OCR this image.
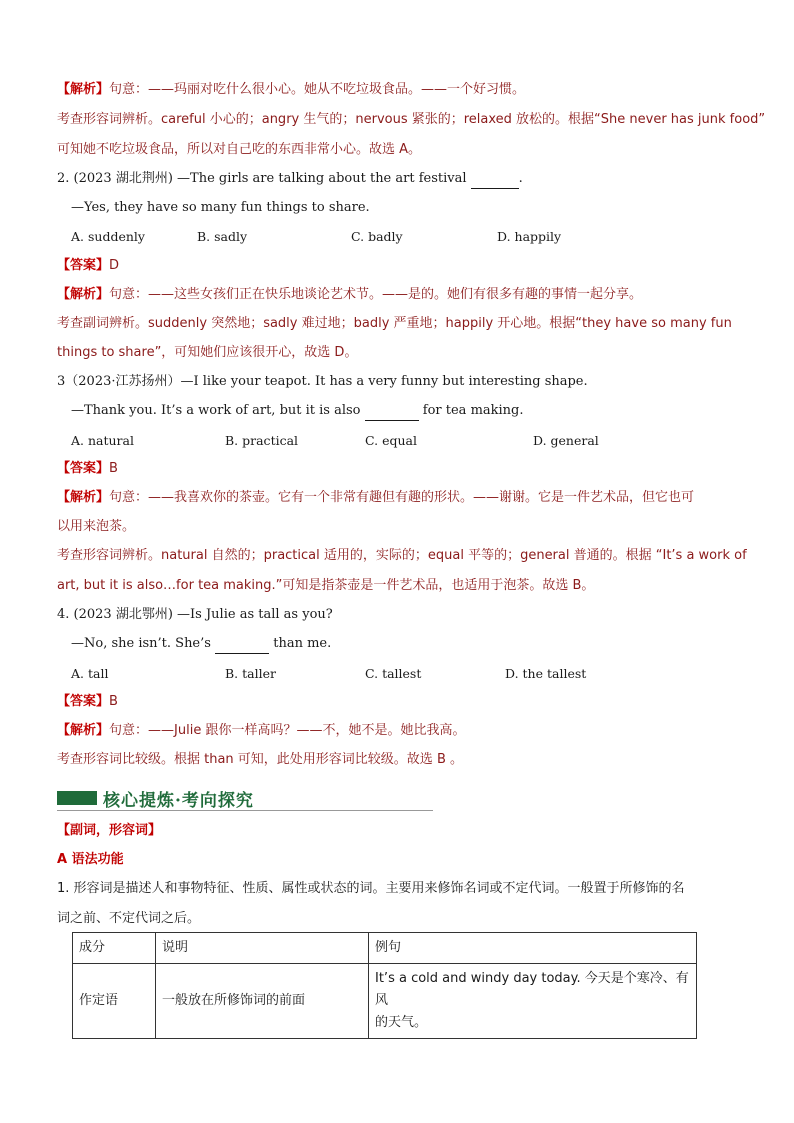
【解析】句意：——玛丽对吃什么很小心。她从不吃垃圾食品。——一个好习惯。
考查形容词辨析。careful 小心的；angry 生气的；nervous 紧张的；relaxed 放松的。根据“She never has junk food”
可知她不吃垃圾食品，所以对自己吃的东西非常小心。故选 A。
2. (2023 湖北荆州) —The girls are talking about the art festival	.
—Yes, they have so many fun things to share.
A. suddenly	B. sadly	C. badly	D. happily
【答案】D
【解析】句意：——这些女孩们正在快乐地谈论艺术节。——是的。她们有很多有趣的事情一起分享。
考查副词辨析。suddenly 突然地；sadly 难过地；badly 严重地；happily 开心地。根据“they have so many fun
things to share”，可知她们应该很开心，故选 D。
3（2023·江苏扬州）—I like your teapot. It has a very funny but interesting shape.
—Thank you. It’s a work of art, but it is also	for tea making.
A. natural	B. practical	C. equal	D. general
【答案】B
【解析】句意：——我喜欢你的茶壶。它有一个非常有趣但有趣的形状。——谢谢。它是一件艺术品，但它也可
以用来泡茶。
考查形容词辨析。natural 自然的；practical 适用的，实际的；equal 平等的；general 普通的。根据 “It’s a work of
art, but it is also…for tea making.”可知是指茶壶是一件艺术品，也适用于泡茶。故选 B。
4. (2023 湖北鄂州) —Is Julie as tall as you?
—No, she isn’t. She’s	than me.
A. tall	B. taller	C. tallest	D. the tallest
【答案】B
【解析】句意：——Julie 跟你一样高吗？——不，她不是。她比我高。
考查形容词比较级。根据 than 可知，此处用形容词比较级。故选 B 。
核心提炼·考向探究
【副词，形容词】
A 语法功能
1. 形容词是描述人和事物特征、性质、属性或状态的词。主要用来修饰名词或不定代词。一般置于所修饰的名
词之前、不定代词之后。
成分	说明	例句
作定语	一般放在所修饰词的前面	It’s a cold and windy day today. 今天是个寒冷、有风
的天气。
